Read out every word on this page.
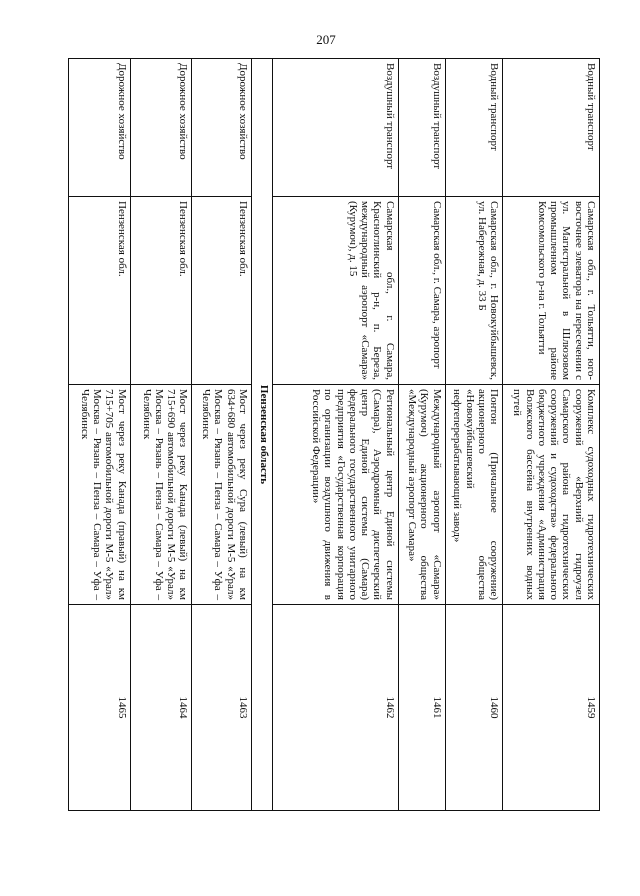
207
Водный транспорт	Самарская обл., г. Тольятти, юго-восточнее элеватора на пересечении с ул. Магистральной в Шлюзовом промышленном районе Комсомольского р-на г. Тольятти	Комплекс судоходных гидротехнических сооружений «Верхний гидроузел Самарского района гидротехнических сооружений и судоходства» федерального бюджетного учреждения «Администрация Волжского бассейна внутренних водных путей	1459
Водный транспорт	Самарская обл., г. Новокуйбышевск, ул. Набережная, д. 33 Б	Понтон (Причальное сооружение) акционерного общества «Новокуйбышевский нефтеперерабатывающий завод»	1460
Воздушный транспорт	Самарская обл., г. Самара, аэропорт	Международный аэропорт «Самара» (Курумоч) акционерного общества «Международный аэропорт Самара»	1461
Воздушный транспорт	Самарская обл., г. Самара, Красноглинский р-н, п. Береза, международный аэропорт «Самара» (Курумоч), д. 15	Региональный центр Единой системы (Самара), Аэродромный диспетчерский центр Единой системы (Самара) федерального государственного унитарного предприятия «Государственная корпорация по организации воздушного движения в Российской Федерации»	1462
Пензенская область			
Дорожное хозяйство	Пензенская обл.	Мост через реку Сура (левый) на км 634+680 автомобильной дороги М-5 «Урал» Москва – Рязань – Пенза – Самара – Уфа – Челябинск	1463
Дорожное хозяйство	Пензенская обл.	Мост через реку Канада (левый) на км 715+690 автомобильной дороги М-5 «Урал» Москва – Рязань – Пенза – Самара – Уфа – Челябинск	1464
Дорожное хозяйство	Пензенская обл.	Мост через реку Канада (правый) на км 715+705 автомобильной дороги М-5 «Урал» Москва – Рязань – Пенза – Самара – Уфа – Челябинск	1465
